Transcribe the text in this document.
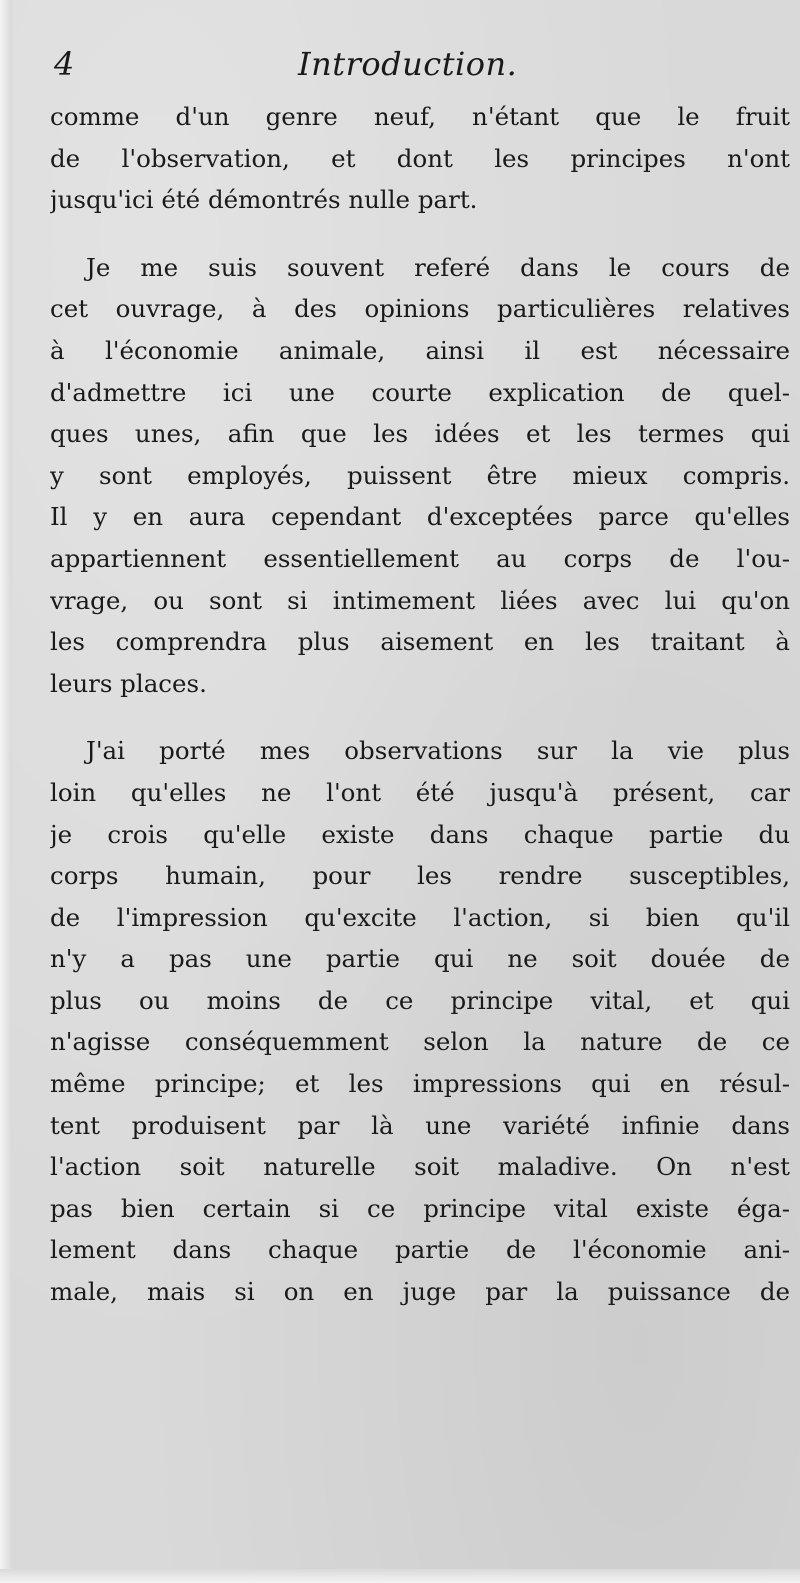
4	Introduction.
comme d'un genre neuf, n'étant que le fruit
de l'observation, et dont les principes n'ont
jusqu'ici été démontrés nulle part.
Je me suis souvent referé dans le cours de
cet ouvrage, à des opinions particulières relatives
à l'économie animale, ainsi il est nécessaire
d'admettre ici une courte explication de quel-
ques unes, afin que les idées et les termes qui
y sont employés, puissent être mieux compris.
Il y en aura cependant d'exceptées parce qu'elles
appartiennent essentiellement au corps de l'ou-
vrage, ou sont si intimement liées avec lui qu'on
les comprendra plus aisement en les traitant à
leurs places.
J'ai porté mes observations sur la vie plus
loin qu'elles ne l'ont été jusqu'à présent, car
je crois qu'elle existe dans chaque partie du
corps humain, pour les rendre susceptibles,
de l'impression qu'excite l'action, si bien qu'il
n'y a pas une partie qui ne soit douée de
plus ou moins de ce principe vital, et qui
n'agisse conséquemment selon la nature de ce
même principe; et les impressions qui en résul-
tent produisent par là une variété infinie dans
l'action soit naturelle soit maladive. On n'est
pas bien certain si ce principe vital existe éga-
lement dans chaque partie de l'économie ani-
male, mais si on en juge par la puissance de
